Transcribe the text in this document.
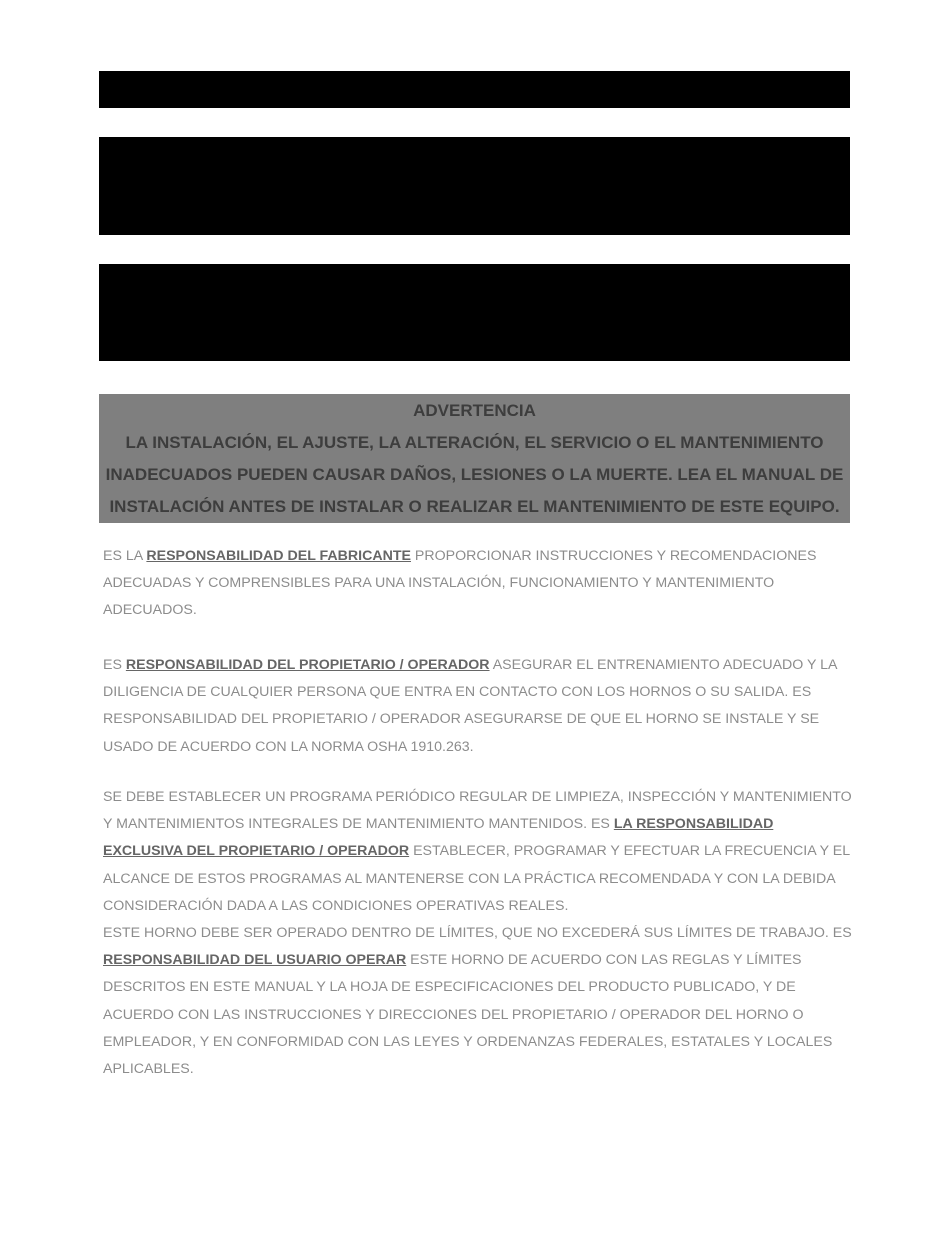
ADVERTENCIA
LA INSTALACIÓN, EL AJUSTE, LA ALTERACIÓN, EL SERVICIO O EL MANTENIMIENTO
INADECUADOS PUEDEN CAUSAR DAÑOS, LESIONES O LA MUERTE. LEA EL MANUAL DE
INSTALACIÓN ANTES DE INSTALAR O REALIZAR EL MANTENIMIENTO DE ESTE EQUIPO.
ES LA RESPONSABILIDAD DEL FABRICANTE PROPORCIONAR INSTRUCCIONES Y RECOMENDACIONES
ADECUADAS Y COMPRENSIBLES PARA UNA INSTALACIÓN, FUNCIONAMIENTO Y MANTENIMIENTO
ADECUADOS.
ES RESPONSABILIDAD DEL PROPIETARIO / OPERADOR ASEGURAR EL ENTRENAMIENTO ADECUADO Y LA
DILIGENCIA DE CUALQUIER PERSONA QUE ENTRA EN CONTACTO CON LOS HORNOS O SU SALIDA. ES
RESPONSABILIDAD DEL PROPIETARIO / OPERADOR ASEGURARSE DE QUE EL HORNO SE INSTALE Y SE
USADO DE ACUERDO CON LA NORMA OSHA 1910.263.
SE DEBE ESTABLECER UN PROGRAMA PERIÓDICO REGULAR DE LIMPIEZA, INSPECCIÓN Y MANTENIMIENTO
Y MANTENIMIENTOS INTEGRALES DE MANTENIMIENTO MANTENIDOS. ES LA RESPONSABILIDAD
EXCLUSIVA DEL PROPIETARIO / OPERADOR ESTABLECER, PROGRAMAR Y EFECTUAR LA FRECUENCIA Y EL
ALCANCE DE ESTOS PROGRAMAS AL MANTENERSE CON LA PRÁCTICA RECOMENDADA Y CON LA DEBIDA
CONSIDERACIÓN DADA A LAS CONDICIONES OPERATIVAS REALES.
ESTE HORNO DEBE SER OPERADO DENTRO DE LÍMITES, QUE NO EXCEDERÁ SUS LÍMITES DE TRABAJO. ES
RESPONSABILIDAD DEL USUARIO OPERAR ESTE HORNO DE ACUERDO CON LAS REGLAS Y LÍMITES
DESCRITOS EN ESTE MANUAL Y LA HOJA DE ESPECIFICACIONES DEL PRODUCTO PUBLICADO, Y DE
ACUERDO CON LAS INSTRUCCIONES Y DIRECCIONES DEL PROPIETARIO / OPERADOR DEL HORNO O
EMPLEADOR, Y EN CONFORMIDAD CON LAS LEYES Y ORDENANZAS FEDERALES, ESTATALES Y LOCALES
APLICABLES.
